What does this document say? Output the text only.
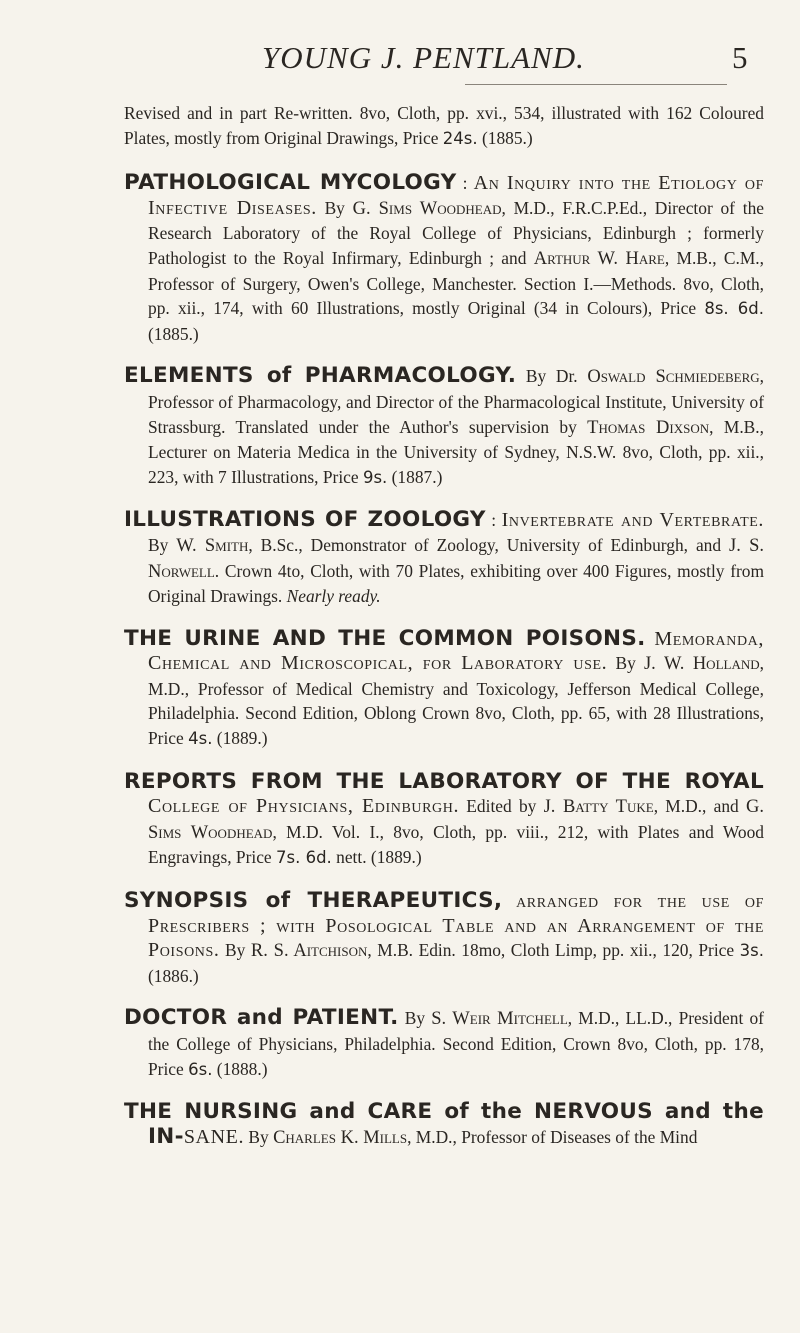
YOUNG J. PENTLAND.	5

Revised and in part Re-written. 8vo, Cloth, pp. xvi., 534, illustrated with 162 Coloured Plates, mostly from Original Drawings, Price 24s. (1885.)

PATHOLOGICAL MYCOLOGY : An Inquiry into the Etiology of Infective Diseases. By G. Sims Woodhead, M.D., F.R.C.P.Ed., Director of the Research Laboratory of the Royal College of Physicians, Edinburgh ; formerly Pathologist to the Royal Infirmary, Edinburgh ; and Arthur W. Hare, M.B., C.M., Professor of Surgery, Owen's College, Manchester. Section I.—Methods. 8vo, Cloth, pp. xii., 174, with 60 Illustrations, mostly Original (34 in Colours), Price 8s. 6d. (1885.)

ELEMENTS of PHARMACOLOGY. By Dr. Oswald Schmiedeberg, Professor of Pharmacology, and Director of the Pharmacological Institute, University of Strassburg. Translated under the Author's supervision by Thomas Dixson, M.B., Lecturer on Materia Medica in the University of Sydney, N.S.W. 8vo, Cloth, pp. xii., 223, with 7 Illustrations, Price 9s. (1887.)

ILLUSTRATIONS OF ZOOLOGY : Invertebrate and Vertebrate. By W. Smith, B.Sc., Demonstrator of Zoology, University of Edinburgh, and J. S. Norwell. Crown 4to, Cloth, with 70 Plates, exhibiting over 400 Figures, mostly from Original Drawings. Nearly ready.

THE URINE AND THE COMMON POISONS. Memoranda, Chemical and Microscopical, for Laboratory use. By J. W. Holland, M.D., Professor of Medical Chemistry and Toxicology, Jefferson Medical College, Philadelphia. Second Edition, Oblong Crown 8vo, Cloth, pp. 65, with 28 Illustrations, Price 4s. (1889.)

REPORTS FROM THE LABORATORY OF THE ROYAL College of Physicians, Edinburgh. Edited by J. Batty Tuke, M.D., and G. Sims Woodhead, M.D. Vol. I., 8vo, Cloth, pp. viii., 212, with Plates and Wood Engravings, Price 7s. 6d. nett. (1889.)

SYNOPSIS of THERAPEUTICS, arranged for the use of Prescribers ; with Posological Table and an Arrangement of the Poisons. By R. S. Aitchison, M.B. Edin. 18mo, Cloth Limp, pp. xii., 120, Price 3s. (1886.)

DOCTOR and PATIENT. By S. Weir Mitchell, M.D., LL.D., President of the College of Physicians, Philadelphia. Second Edition, Crown 8vo, Cloth, pp. 178, Price 6s. (1888.)

THE NURSING and CARE of the NERVOUS and the IN-SANE. By Charles K. Mills, M.D., Professor of Diseases of the Mind
